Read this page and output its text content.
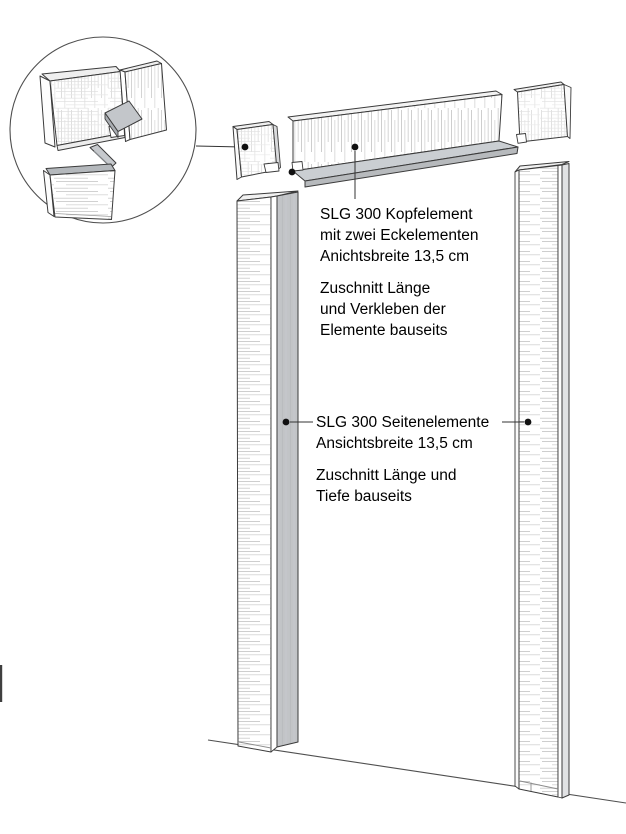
SLG 300 Kopfelement
mit zwei Eckelementen
Anichtsbreite 13,5 cm
Zuschnitt Länge
und Verkleben der
Elemente bauseits
SLG 300 Seitenelemente
Ansichtsbreite 13,5 cm
Zuschnitt Länge und
Tiefe bauseits
